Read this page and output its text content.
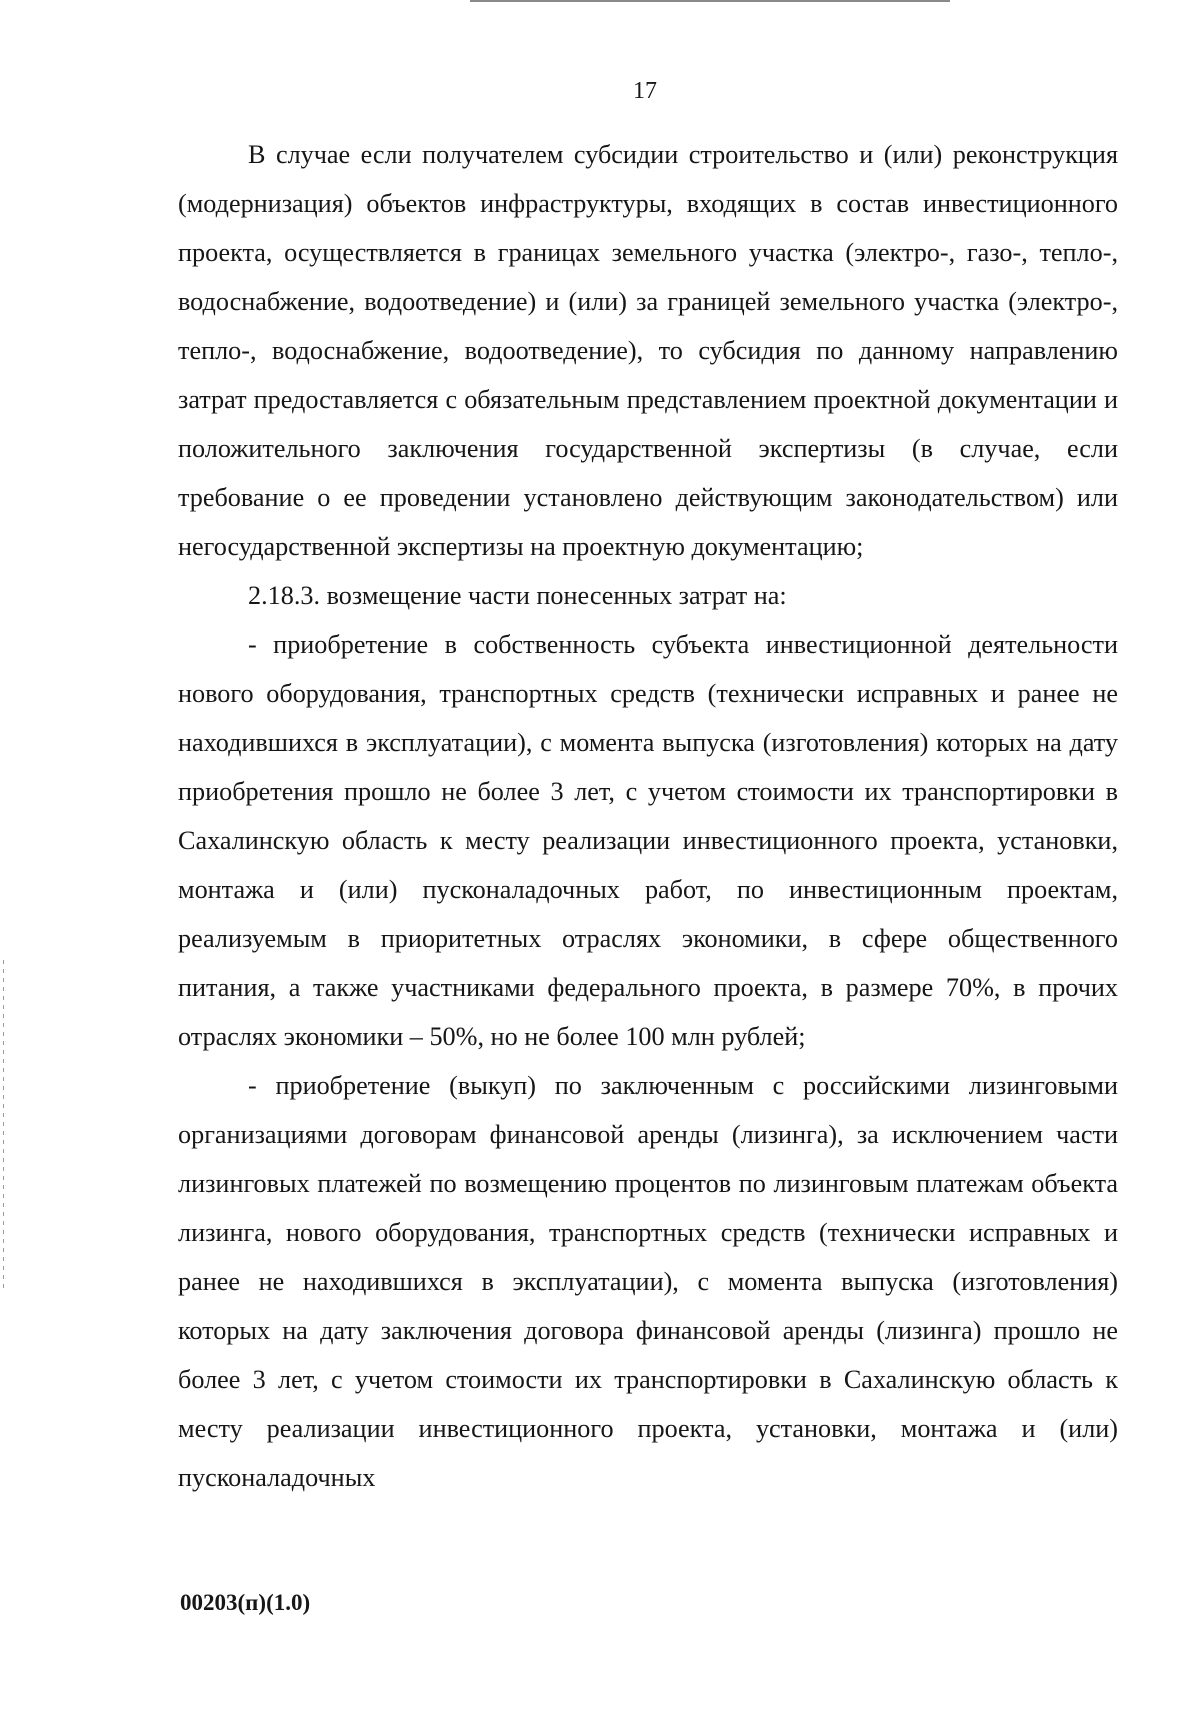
17

В случае если получателем субсидии строительство и (или) реконструкция (модернизация) объектов инфраструктуры, входящих в состав инвестиционного проекта, осуществляется в границах земельного участка (электро-, газо-, тепло-, водоснабжение, водоотведение) и (или) за границей земельного участка (электро-, тепло-, водоснабжение, водоотведение), то субсидия по данному направлению затрат предоставляется с обязательным представлением проектной документации и положительного заключения государственной экспертизы (в случае, если требование о ее проведении установлено действующим законодательством) или негосударственной экспертизы на проектную документацию;

2.18.3. возмещение части понесенных затрат на:

- приобретение в собственность субъекта инвестиционной деятельности нового оборудования, транспортных средств (технически исправных и ранее не находившихся в эксплуатации), с момента выпуска (изготовления) которых на дату приобретения прошло не более 3 лет, с учетом стоимости их транспортировки в Сахалинскую область к месту реализации инвестиционного проекта, установки, монтажа и (или) пусконаладочных работ, по инвестиционным проектам, реализуемым в приоритетных отраслях экономики, в сфере общественного питания, а также участниками федерального проекта, в размере 70%, в прочих отраслях экономики – 50%, но не более 100 млн рублей;

- приобретение (выкуп) по заключенным с российскими лизинговыми организациями договорам финансовой аренды (лизинга), за исключением части лизинговых платежей по возмещению процентов по лизинговым платежам объекта лизинга, нового оборудования, транспортных средств (технически исправных и ранее не находившихся в эксплуатации), с момента выпуска (изготовления) которых на дату заключения договора финансовой аренды (лизинга) прошло не более 3 лет, с учетом стоимости их транспортировки в Сахалинскую область к месту реализации инвестиционного проекта, установки, монтажа и (или) пусконаладочных

00203(п)(1.0)
